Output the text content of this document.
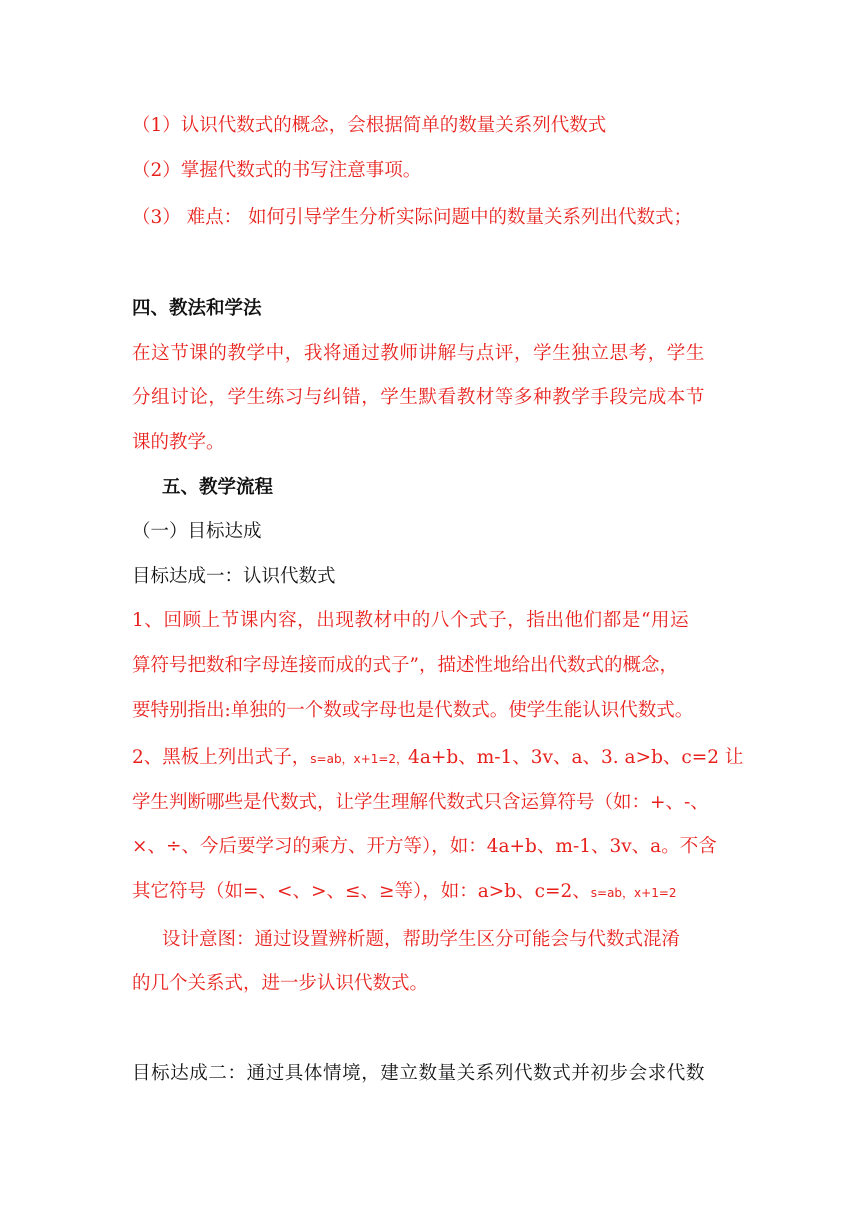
（1）认识代数式的概念，会根据简单的数量关系列代数式

（2）掌握代数式的书写注意事项。

（3） 难点： 如何引导学生分析实际问题中的数量关系列出代数式；

四、教法和学法

在这节课的教学中，我将通过教师讲解与点评，学生独立思考，学生

分组讨论，学生练习与纠错，学生默看教材等多种教学手段完成本节

课的教学。

五、教学流程

（一）目标达成

目标达成一：认识代数式

1、回顾上节课内容，出现教材中的八个式子，指出他们都是“用运

算符号把数和字母连接而成的式子”，描述性地给出代数式的概念，

要特别指出:单独的一个数或字母也是代数式。使学生能认识代数式。

2、黑板上列出式子，s=ab，x+1=2，4a+b、m-1、3v、a、3. a>b、c=2 让

学生判断哪些是代数式，让学生理解代数式只含运算符号（如：+、-、

×、÷、今后要学习的乘方、开方等），如：4a+b、m-1、3v、a。不含

其它符号（如=、<、>、≤、≥等），如：a>b、c=2、s=ab，x+1=2

设计意图：通过设置辨析题，帮助学生区分可能会与代数式混淆

的几个关系式，进一步认识代数式。

目标达成二：通过具体情境，建立数量关系列代数式并初步会求代数
